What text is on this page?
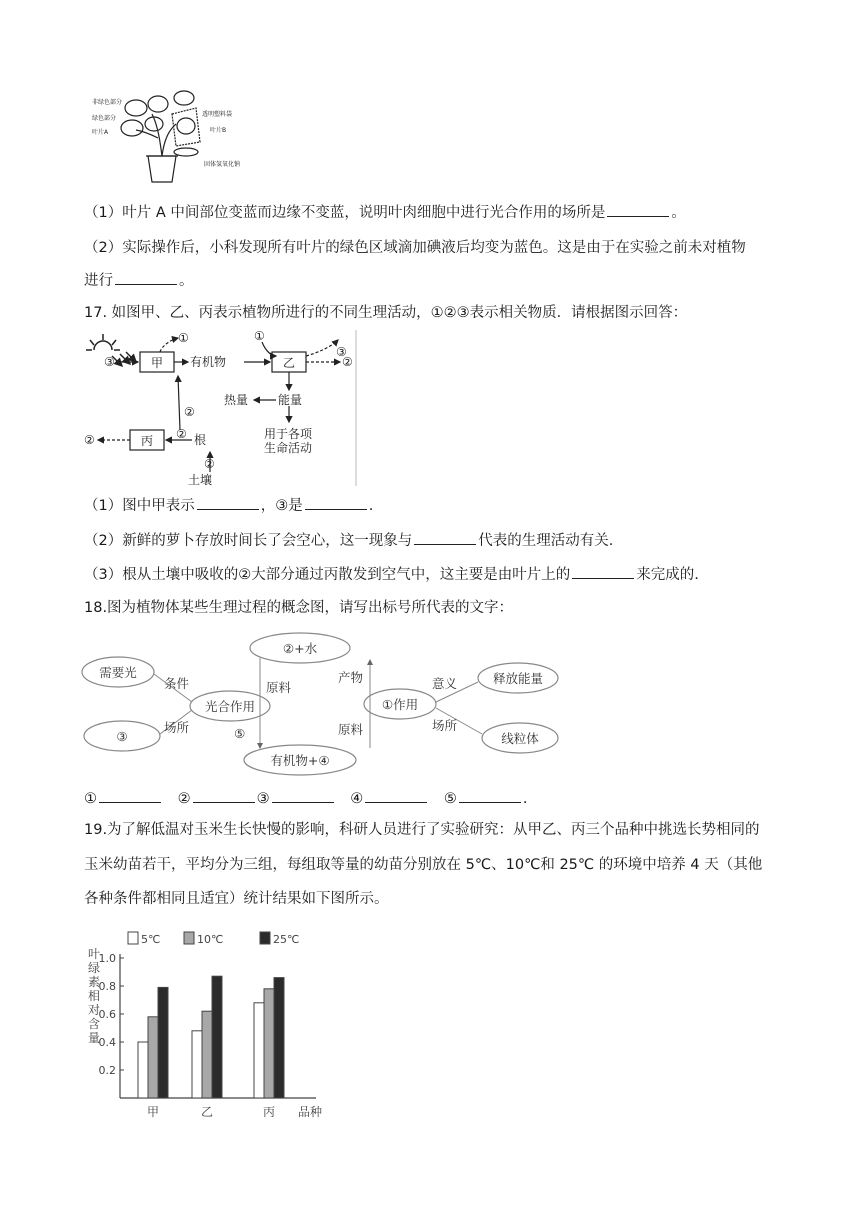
非绿色部分
绿色部分
叶片A
透明塑料袋
叶片B
固体氢氧化钠
（1）叶片 A 中间部位变蓝而边缘不变蓝，说明叶肉细胞中进行光合作用的场所是	。
（2）实际操作后，小科发现所有叶片的绿色区域滴加碘液后均变为蓝色。这是由于在实验之前未对植物
进行	。
17. 如图甲、乙、丙表示植物所进行的不同生理活动，①②③表示相关物质．请根据图示回答：
甲	乙
丙
有机物
能量
热量
用于各项
生命活动
根
土壤
①	①
③
③
②
②
②
②
②
（1）图中甲表示	，③是	.
（2）新鲜的萝卜存放时间长了会空心，这一现象与	代表的生理活动有关.
（3）根从土壤中吸收的②大部分通过丙散发到空气中，这主要是由叶片上的	来完成的.
18.图为植物体某些生理过程的概念图，请写出标号所代表的文字：
②+水
需要光
光合作用
③
有机物+④
①作用
释放能量
线粒体
条件
场所
原料
⑤
产物
原料
意义
场所
①	②	③	④	⑤	.
19.为了解低温对玉米生长快慢的影响，科研人员进行了实验研究：从甲乙、丙三个品种中挑选长势相同的
玉米幼苗若干，平均分为三组，每组取等量的幼苗分别放在 5℃、10℃和 25℃ 的环境中培养 4 天（其他
各种条件都相同且适宜）统计结果如下图所示。
叶绿素相对含量
5℃	10℃	25℃
0.2
0.4
0.6
0.8
1.0
甲	乙	丙 品种
